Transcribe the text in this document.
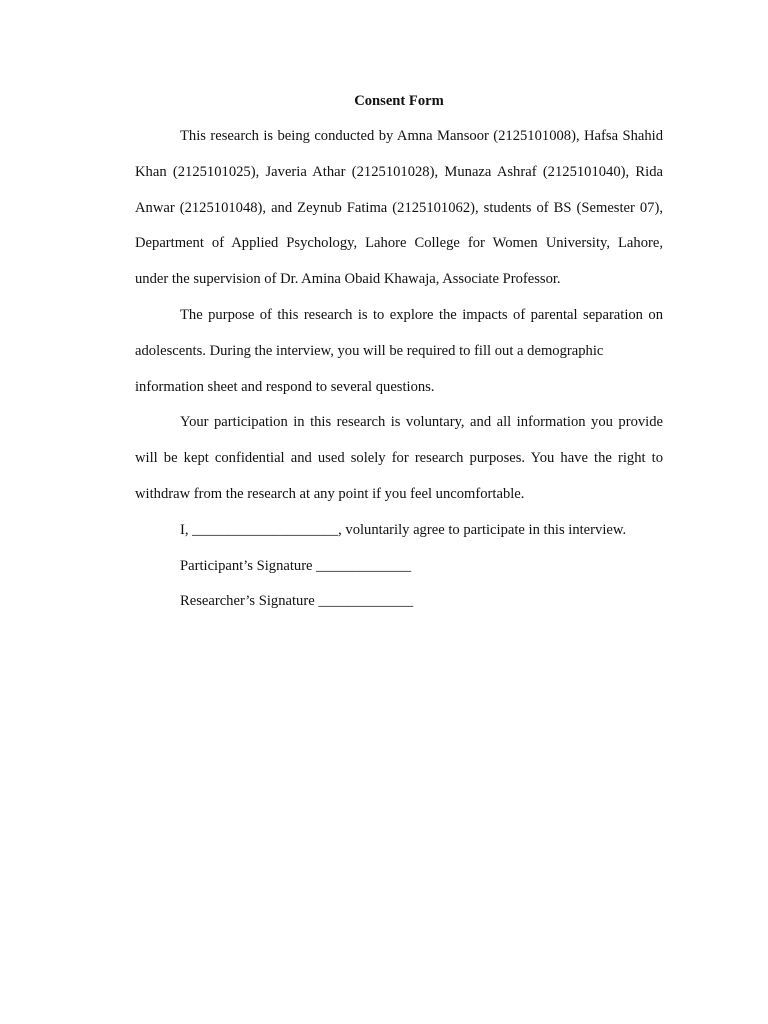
Consent Form

This research is being conducted by Amna Mansoor (2125101008), Hafsa Shahid
Khan (2125101025), Javeria Athar (2125101028), Munaza Ashraf (2125101040), Rida
Anwar (2125101048), and Zeynub Fatima (2125101062), students of BS (Semester 07),
Department of Applied Psychology, Lahore College for Women University, Lahore,
under the supervision of Dr. Amina Obaid Khawaja, Associate Professor.
The purpose of this research is to explore the impacts of parental separation on
adolescents. During the interview, you will be required to fill out a demographic
information sheet and respond to several questions.
Your participation in this research is voluntary, and all information you provide
will be kept confidential and used solely for research purposes. You have the right to
withdraw from the research at any point if you feel uncomfortable.
I, ____________________, voluntarily agree to participate in this interview.
Participant’s Signature _____________
Researcher’s Signature _____________
